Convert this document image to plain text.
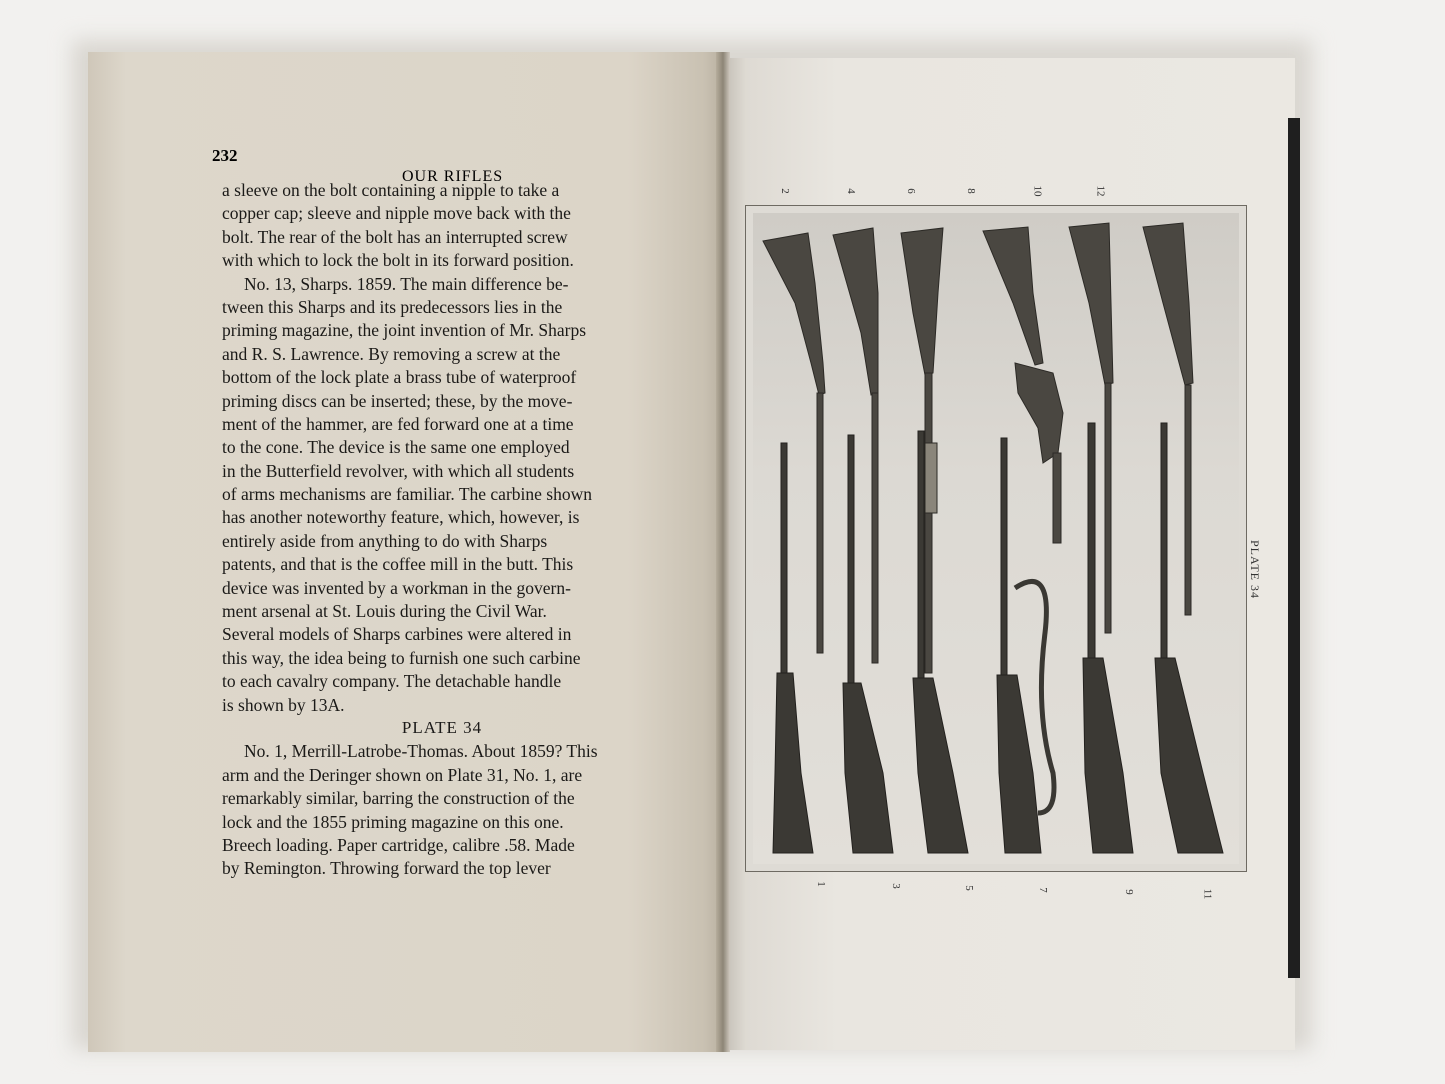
232
OUR RIFLES
a sleeve on the bolt containing a nipple to take a
copper cap; sleeve and nipple move back with the
bolt. The rear of the bolt has an interrupted screw
with which to lock the bolt in its forward position.
No. 13, Sharps. 1859. The main difference be-
tween this Sharps and its predecessors lies in the
priming magazine, the joint invention of Mr. Sharps
and R. S. Lawrence. By removing a screw at the
bottom of the lock plate a brass tube of waterproof
priming discs can be inserted; these, by the move-
ment of the hammer, are fed forward one at a time
to the cone. The device is the same one employed
in the Butterfield revolver, with which all students
of arms mechanisms are familiar. The carbine shown
has another noteworthy feature, which, however, is
entirely aside from anything to do with Sharps
patents, and that is the coffee mill in the butt. This
device was invented by a workman in the govern-
ment arsenal at St. Louis during the Civil War.
Several models of Sharps carbines were altered in
this way, the idea being to furnish one such carbine
to each cavalry company. The detachable handle
is shown by 13A.
PLATE 34
No. 1, Merrill-Latrobe-Thomas. About 1859? This
arm and the Deringer shown on Plate 31, No. 1, are
remarkably similar, barring the construction of the
lock and the 1855 priming magazine on this one.
Breech loading. Paper cartridge, calibre .58. Made
by Remington. Throwing forward the top lever
PLATE 34
2	4	6	8	10	12
1	3	5	7	9	11
